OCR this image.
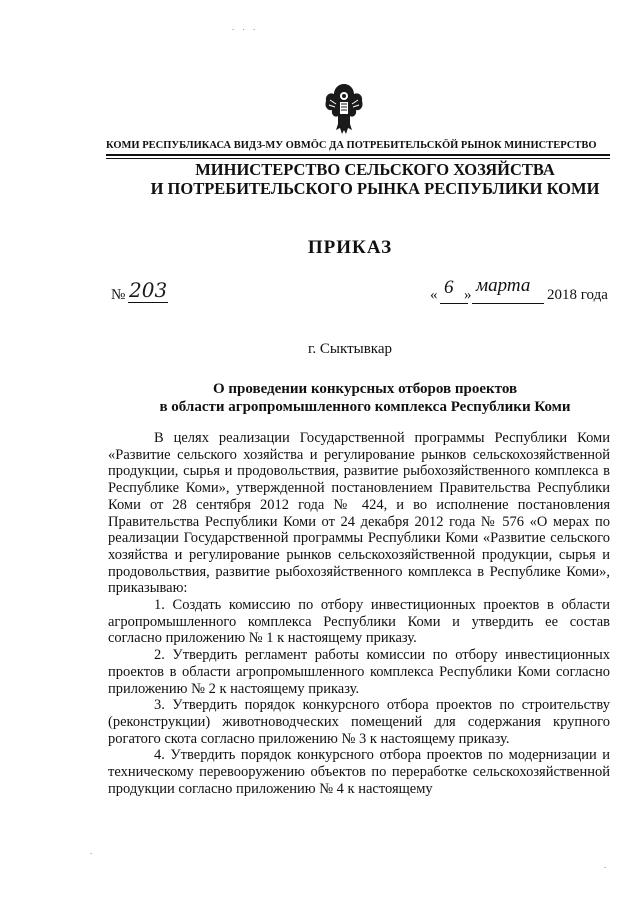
. . .
КОМИ РЕСПУБЛИКАСА ВИДЗ-МУ ОВМÖС ДА ПОТРЕБИТЕЛЬСКÖЙ РЫНОК МИНИСТЕРСТВО
МИНИСТЕРСТВО СЕЛЬСКОГО ХОЗЯЙСТВА
И ПОТРЕБИТЕЛЬСКОГО РЫНКА РЕСПУБЛИКИ КОМИ
ПРИКАЗ
№ 203	« 6 » марта 2018 года
г. Сыктывкар
О проведении конкурсных отборов проектов
в области агропромышленного комплекса Республики Коми

В целях реализации Государственной программы Республики Коми «Развитие сельского хозяйства и регулирование рынков сельскохозяйственной продукции, сырья и продовольствия, развитие рыбохозяйственного комплекса в Республике Коми», утвержденной постановлением Правительства Республики Коми от 28 сентября 2012 года № 424, и во исполнение постановления Правительства Республики Коми от 24 декабря 2012 года № 576 «О мерах по реализации Государственной программы Республики Коми «Развитие сельского хозяйства и регулирование рынков сельскохозяйственной продукции, сырья и продовольствия, развитие рыбохозяйственного комплекса в Республике Коми», приказываю:

1. Создать комиссию по отбору инвестиционных проектов в области агропромышленного комплекса Республики Коми и утвердить ее состав согласно приложению № 1 к настоящему приказу.

2. Утвердить регламент работы комиссии по отбору инвестиционных проектов в области агропромышленного комплекса Республики Коми согласно приложению № 2 к настоящему приказу.

3. Утвердить порядок конкурсного отбора проектов по строительству (реконструкции) животноводческих помещений для содержания крупного рогатого скота согласно приложению № 3 к настоящему приказу.

4. Утвердить порядок конкурсного отбора проектов по модернизации и техническому перевооружению объектов по переработке сельскохозяйственной продукции согласно приложению № 4 к настоящему

.
.
